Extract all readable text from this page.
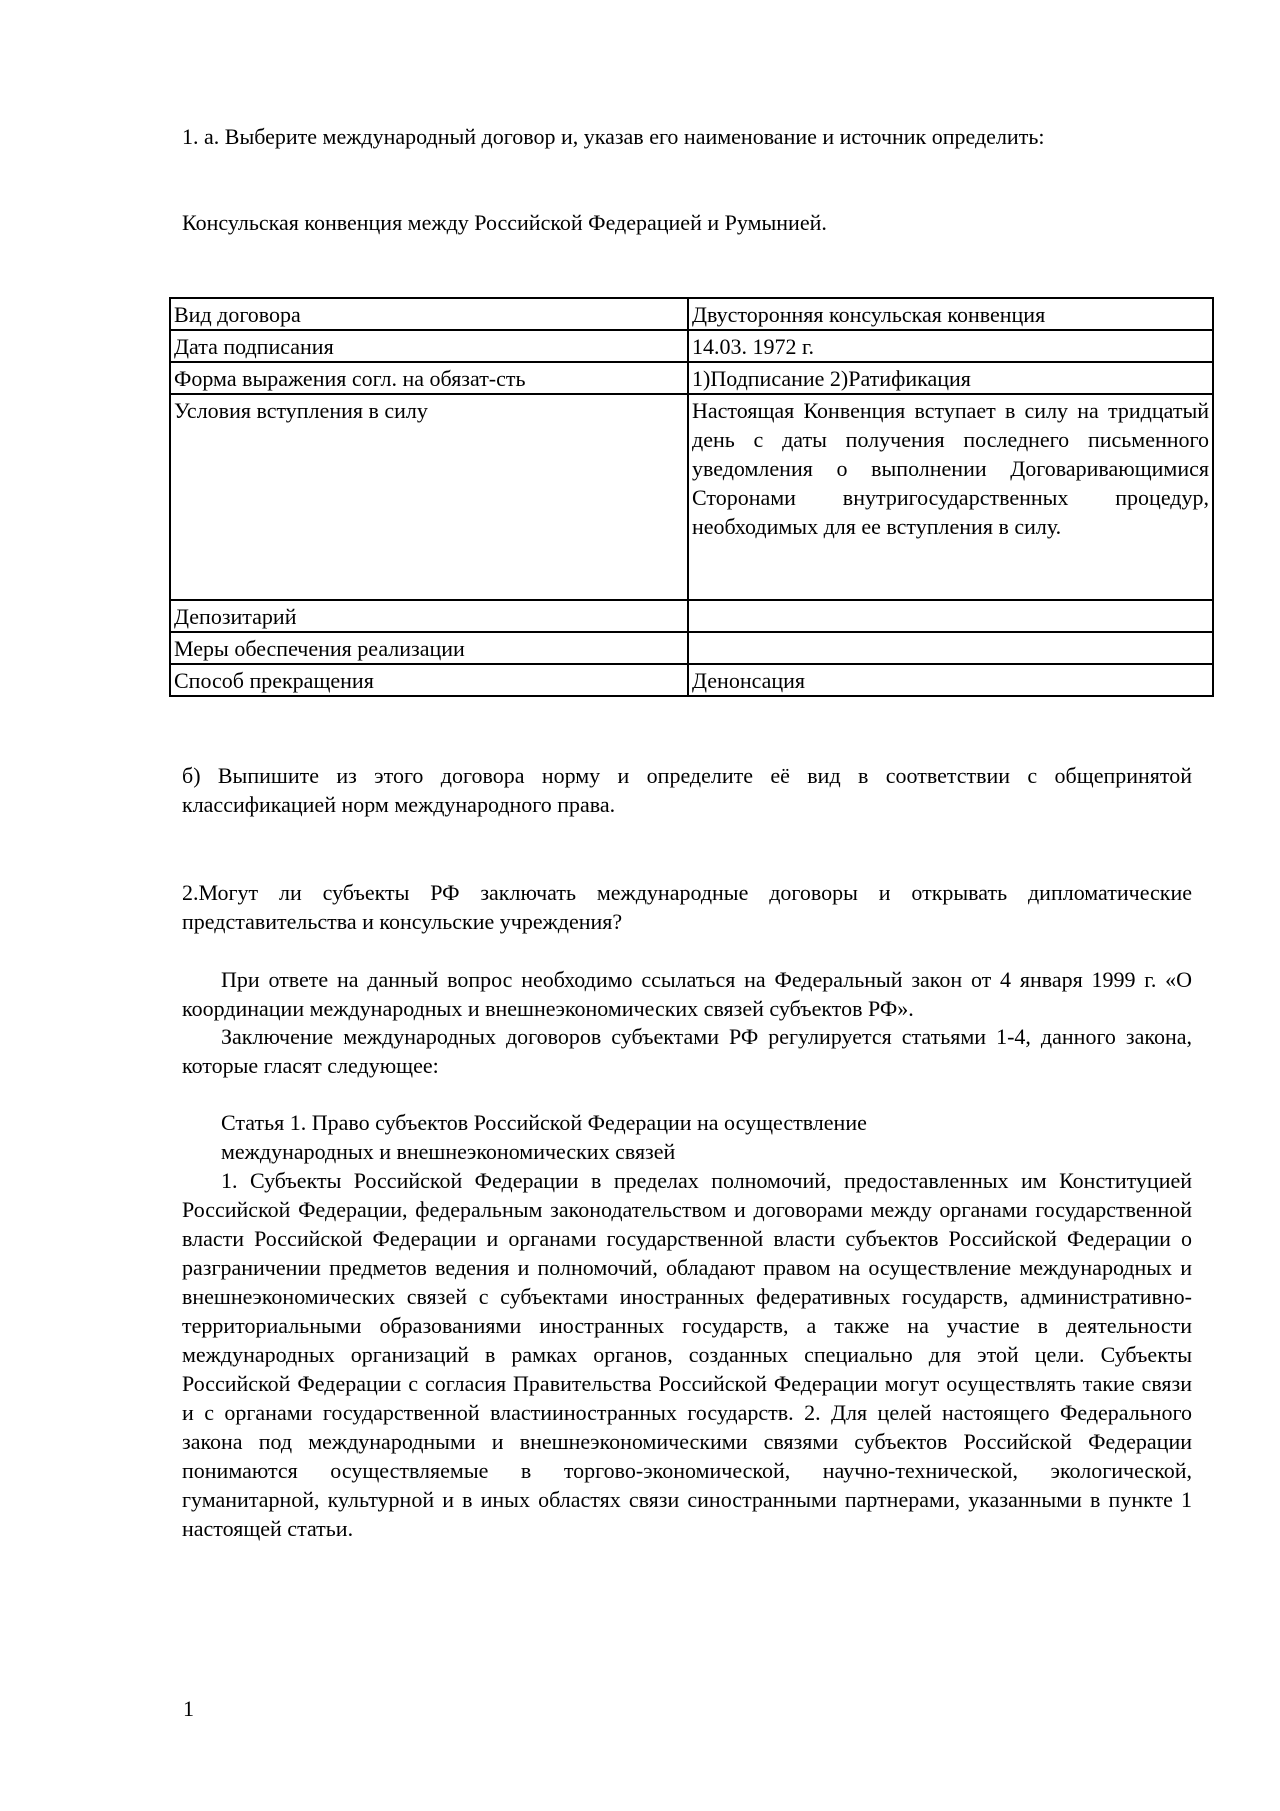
1. а. Выберите международный договор и, указав его наименование и источник определить:

Консульская конвенция между Российской Федерацией и Румынией.

Вид договора	Двусторонняя консульская конвенция
Дата подписания	14.03. 1972 г.
Форма выражения согл. на обязат-сть	1)Подписание 2)Ратификация
Условия вступления в силу	Настоящая Конвенция вступает в силу на тридцатый день с даты получения последнего письменного уведомления о выполнении Договаривающимися Сторонами внутригосударственных процедур, необходимых для ее вступления в силу.
Депозитарий	
Меры обеспечения реализации	
Способ прекращения	Денонсация

б) Выпишите из этого договора норму и определите её вид в соответствии с общепринятой классификацией норм международного права.

2.Могут ли субъекты РФ заключать международные договоры и открывать дипломатические представительства и консульские учреждения?

При ответе на данный вопрос необходимо ссылаться на Федеральный закон от 4 января 1999 г. «О координации международных и внешнеэкономических связей субъектов РФ».

Заключение международных договоров субъектами РФ регулируется статьями 1-4, данного закона, которые гласят следующее:

Статья 1. Право субъектов Российской Федерации на осуществление

международных и внешнеэкономических связей

1. Субъекты Российской Федерации в пределах полномочий, предоставленных им Конституцией Российской Федерации, федеральным законодательством и договорами между органами государственной власти Российской Федерации и органами государственной власти субъектов Российской Федерации о разграничении предметов ведения и полномочий, обладают правом на осуществление международных и внешнеэкономических связей с субъектами иностранных федеративных государств, административно-территориальными образованиями иностранных государств, а также на участие в деятельности международных организаций в рамках органов, созданных специально для этой цели. Субъекты Российской Федерации с согласия Правительства Российской Федерации могут осуществлять такие связи и с органами государственной властииностранных государств. 2. Для целей настоящего Федерального закона под международными и внешнеэкономическими связями субъектов Российской Федерации понимаются осуществляемые в торгово-экономической, научно-технической, экологической, гуманитарной, культурной и в иных областях связи синостранными партнерами, указанными в пункте 1 настоящей статьи.

1
